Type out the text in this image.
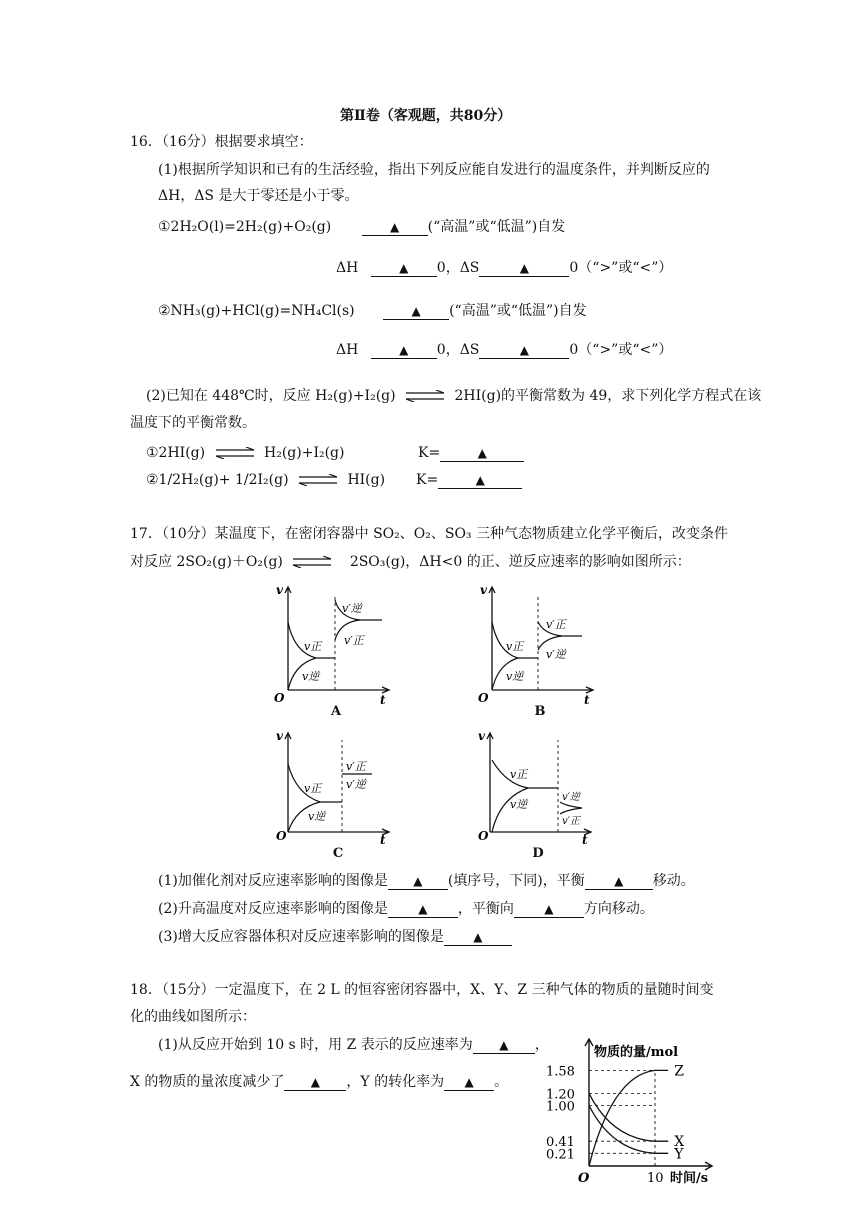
第Ⅱ卷（客观题，共80分）
16．（16分）根据要求填空：
(1)根据所学知识和已有的生活经验，指出下列反应能自发进行的温度条件，并判断反应的
ΔH，ΔS 是大于零还是小于零。
①2H₂O(l)=2H₂(g)+O₂(g)	▲ (“高温”或“低温”)自发
ΔH	▲ 0，ΔS	▲	0（“>”或“<”）
②NH₃(g)+HCl(g)=NH₄Cl(s)	▲ (“高温”或“低温”)自发
ΔH	▲ 0，ΔS	▲	0（“>”或“<”）
(2)已知在 448℃时，反应 H₂(g)+I₂(g) ⇌ 2HI(g)的平衡常数为 49，求下列化学方程式在该
温度下的平衡常数。
①2HI(g) ⇌ H₂(g)+I₂(g)	K=	▲
②1/2H₂(g)+ 1/2I₂(g) ⇌ HI(g) K=	▲
17．（10分）某温度下，在密闭容器中 SO₂、O₂、SO₃ 三种气态物质建立化学平衡后，改变条件
对反应 2SO₂(g)＋O₂(g) ⇌ 2SO₃(g)，ΔH<0 的正、逆反应速率的影响如图所示：
v
t
O
v正
v逆
v′逆
v′正
A
v
t
O
v正
v逆
v′正
v′逆
B
v
t
O
v正
v逆
v′正
v′逆
C
v
t
O
v正
v逆
v′逆
v′正
D
(1)加催化剂对反应速率影响的图像是 ▲ (填序号，下同)，平衡 ▲ 移动。
(2)升高温度对反应速率影响的图像是	▲ ，平衡向	▲ 方向移动。
(3)增大反应容器体积对反应速率影响的图像是 ▲
18．（15分）一定温度下，在 2 L 的恒容密闭容器中，X、Y、Z 三种气体的物质的量随时间变
化的曲线如图所示：
(1)从反应开始到 10 s 时，用 Z 表示的反应速率为 ▲ ，
X 的物质的量浓度减少了 ▲ ，Y 的转化率为 ▲ 。
10
1.58
1.20
1.00
0.41
0.21
Z
X
Y
物质的量/mol
时间/s
O
